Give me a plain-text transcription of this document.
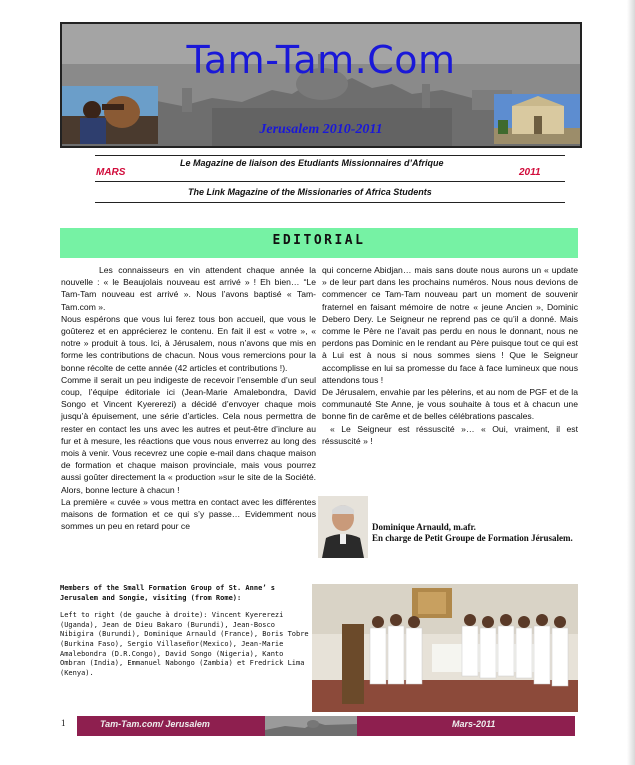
Tam-Tam.Com
Jerusalem 2010-2011
Le Magazine de liaison des Etudiants Missionnaires d’Afrique
MARS	2011
The Link Magazine of the Missionaries of Africa Students
EDITORIAL

Les connaisseurs en vin attendent chaque année la nouvelle : « le Beaujolais nouveau est arrivé » ! Eh bien… “Le Tam-Tam nouveau est arrivé ». Nous l’avons baptisé « Tam-Tam.com ».

Nous espérons que vous lui ferez tous bon accueil, que vous le goûterez et en apprécierez le contenu. En fait il est « votre », « notre » produit à tous. Ici, à Jérusalem, nous n’avons que mis en forme les contributions de chacun. Nous vous remercions pour la bonne récolte de cette année (42 articles et contributions !).

Comme il serait un peu indigeste de recevoir l’ensemble d’un seul coup, l’équipe éditoriale ici (Jean-Marie Amalebondra, David Songo et Vincent Kyererezi) a décidé d’envoyer chaque mois jusqu’à épuisement, une série d’articles. Cela nous permettra de rester en contact les uns avec les autres et peut-être d’inclure au fur et à mesure, les réactions que vous nous enverrez au long des mois à venir. Vous recevrez une copie e-mail dans chaque maison de formation et chaque maison provinciale, mais vous pourrez aussi goûter directement la « production »sur le site de la Société. Alors, bonne lecture à chacun !

La première « cuvée » vous mettra en contact avec les différentes maisons de formation et ce qui s’y passe… Evidemment nous sommes un peu en retard pour ce

qui concerne Abidjan… mais sans doute nous aurons un « update » de leur part dans les prochains numéros. Nous nous devions de commencer ce Tam-Tam nouveau part un moment de souvenir fraternel en faisant mémoire de notre « jeune Ancien », Dominic Debero Dery. Le Seigneur ne reprend pas ce qu’il a donné. Mais comme le Père ne l’avait pas perdu en nous le donnant, nous ne perdons pas Dominic en le rendant au Père puisque tout ce qui est à Lui est à nous si nous sommes siens ! Que le Seigneur accomplisse en lui sa promesse du face à face lumineux que nous attendons tous !

De Jérusalem, envahie par les pèlerins, et au nom de PGF et de la communauté Ste Anne, je vous souhaite à tous et à chacun une bonne fin de carême et de belles célébrations pascales.

« Le Seigneur est réssuscité »… « Oui, vraiment, il est réssuscité » !

Dominique Arnauld, m.afr.
En charge de Petit Groupe de Formation Jérusalem.
Members of the Small Formation Group of St. Anne’ s Jerusalem and Songie, visiting (from Rome):
Left to right (de gauche à droite): Vincent Kyererezi (Uganda), Jean de Dieu Bakaro (Burundi), Jean-Bosco Nibigira (Burundi), Dominique Arnauld (France), Boris Tobre (Burkina Faso), Sergio Villaseñor(Mexico), Jean-Marie Amalebondra (D.R.Congo), David Songo (Nigeria), Kanto Ombran (India), Emmanuel Nabongo (Zambia) et Fredrick Lima (Kenya).
1	Tam-Tam.com/ Jerusalem	Mars-2011
